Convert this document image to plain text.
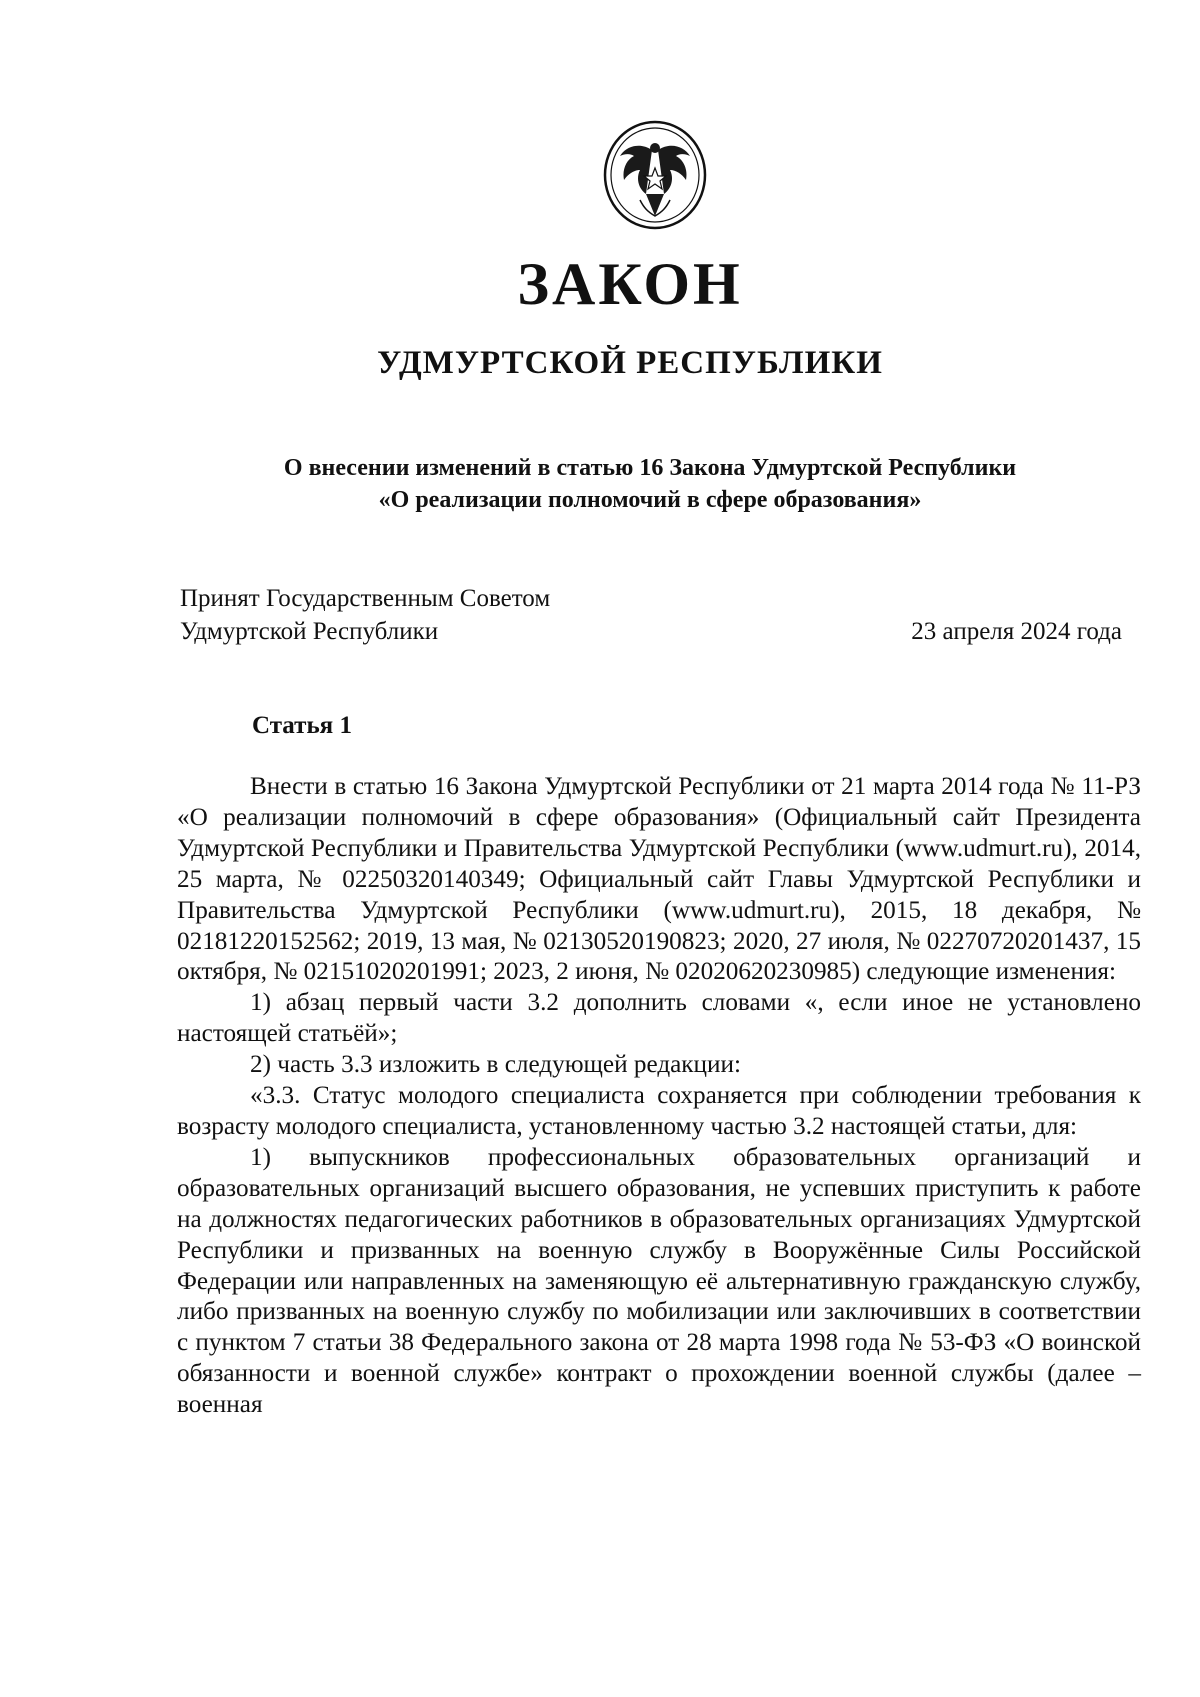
ЗАКОН
УДМУРТСКОЙ РЕСПУБЛИКИ
О внесении изменений в статью 16 Закона Удмуртской Республики
«О реализации полномочий в сфере образования»
Принят Государственным Советом
Удмуртской Республики	23 апреля 2024 года
Статья 1

Внести в статью 16 Закона Удмуртской Республики от 21 марта 2014 года № 11-РЗ «О реализации полномочий в сфере образования» (Официальный сайт Президента Удмуртской Республики и Правительства Удмуртской Республики (www.udmurt.ru), 2014, 25 марта, № 02250320140349; Официальный сайт Главы Удмуртской Республики и Правительства Удмуртской Республики (www.udmurt.ru), 2015, 18 декабря, № 02181220152562; 2019, 13 мая, № 02130520190823; 2020, 27 июля, № 02270720201437, 15 октября, № 02151020201991; 2023, 2 июня, № 02020620230985) следующие изменения:

1) абзац первый части 3.2 дополнить словами «, если иное не установлено настоящей статьёй»;

2) часть 3.3 изложить в следующей редакции:

«3.3. Статус молодого специалиста сохраняется при соблюдении требования к возрасту молодого специалиста, установленному частью 3.2 настоящей статьи, для:

1) выпускников профессиональных образовательных организаций и образовательных организаций высшего образования, не успевших приступить к работе на должностях педагогических работников в образовательных организациях Удмуртской Республики и призванных на военную службу в Вооружённые Силы Российской Федерации или направленных на заменяющую её альтернативную гражданскую службу, либо призванных на военную службу по мобилизации или заключивших в соответствии с пунктом 7 статьи 38 Федерального закона от 28 марта 1998 года № 53-ФЗ «О воинской обязанности и военной службе» контракт о прохождении военной службы (далее – военная
